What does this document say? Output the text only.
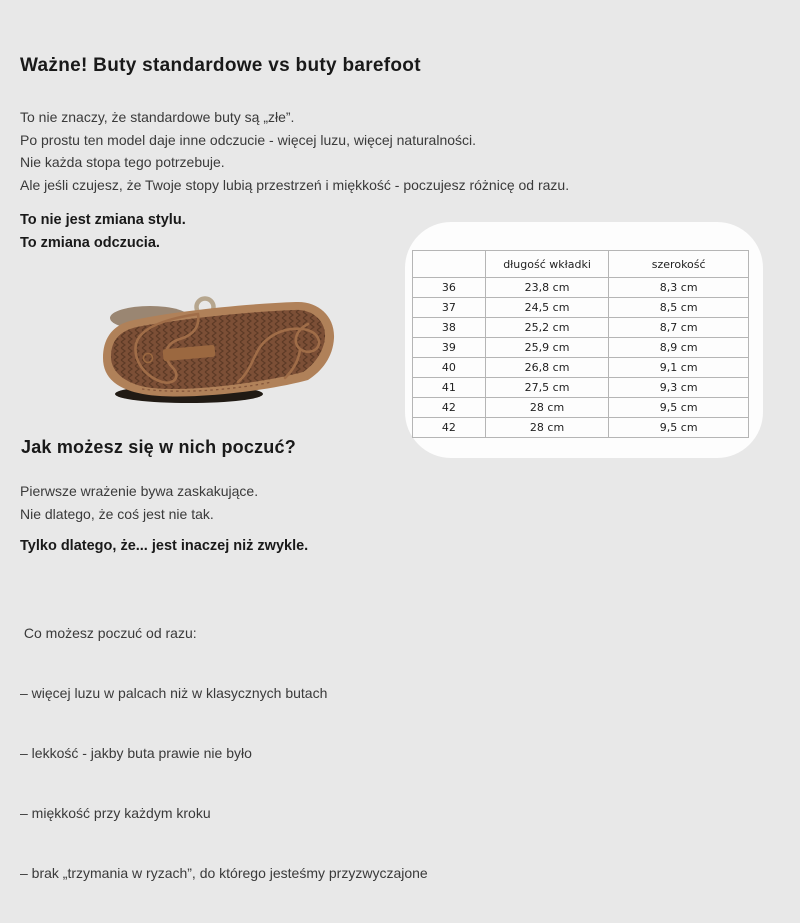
Ważne! Buty standardowe vs buty barefoot

To nie znaczy, że standardowe buty są „złe”.

Po prostu ten model daje inne odczucie - więcej luzu, więcej naturalności.

Nie każda stopa tego potrzebuje.

Ale jeśli czujesz, że Twoje stopy lubią przestrzeń i miękkość - poczujesz różnicę od razu.

To nie jest zmiana stylu.

To zmiana odczucia.

	długość wkładki	szerokość
36	23,8 cm	8,3 cm
37	24,5 cm	8,5 cm
38	25,2 cm	8,7 cm
39	25,9 cm	8,9 cm
40	26,8 cm	9,1 cm
41	27,5 cm	9,3 cm
42	28 cm	9,5 cm
42	28 cm	9,5 cm
Jak możesz się w nich poczuć?

Pierwsze wrażenie bywa zaskakujące.

Nie dlatego, że coś jest nie tak.

Tylko dlatego, że... jest inaczej niż zwykle.

Co możesz poczuć od razu:

– więcej luzu w palcach niż w klasycznych butach

– lekkość - jakby buta prawie nie było

– miękkość przy każdym kroku

– brak „trzymania w ryzach”, do którego jesteśmy przyzwyczajone
